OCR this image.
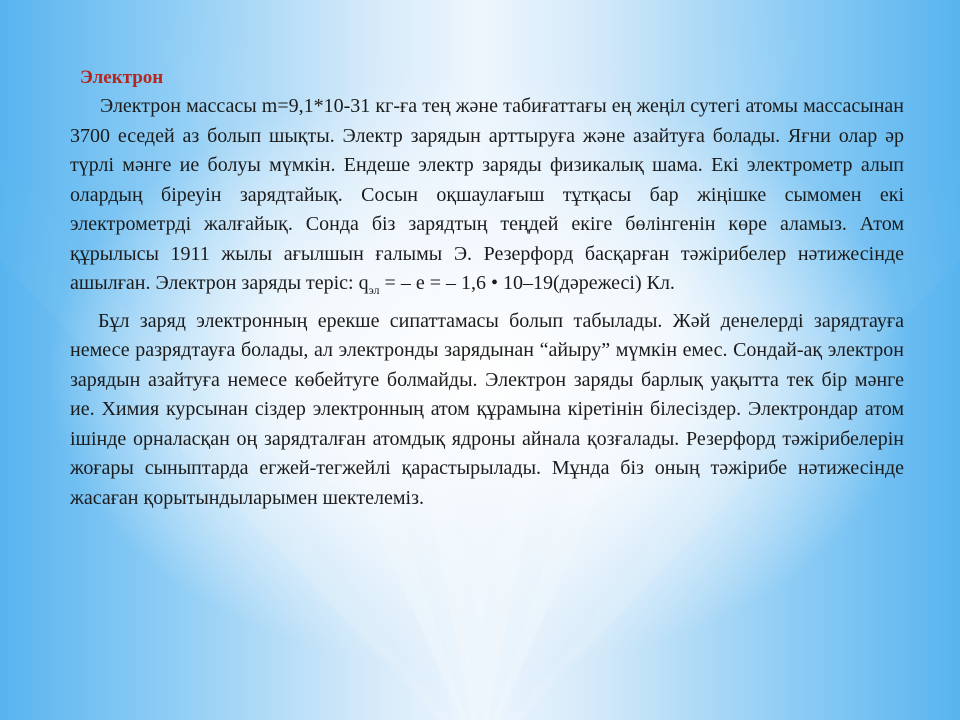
Электрон
Электрон массасы m=9,1*10-31 кг-ға тең және табиғаттағы ең жеңіл сутегі атомы массасынан 3700 еседей аз болып шықты. Электр зарядын арттыруға және азайтуға болады. Яғни олар әр түрлі мәнге ие болуы мүмкін. Ендеше электр заряды физикалық шама. Екі электрометр алып олардың біреуін зарядтайық. Сосын оқшаулағыш тұтқасы бар жіңішке сымомен екі электрометрді жалғайық. Сонда біз зарядтың теңдей екіге бөлінгенін көре аламыз. Атом құрылысы 1911 жылы ағылшын ғалымы Э. Резерфорд басқарған тәжірибелер нәтижесінде ашылған. Электрон заряды теріс: $q_{эл}$ = – e = – 1,6 • 10–19(дәрежесі) Кл.
Бұл заряд электронның ерекше сипаттамасы болып табылады. Жәй денелерді зарядтауға немесе разрядтауға болады, ал электронды зарядынан “айыру” мүмкін емес. Сондай-ақ электрон зарядын азайтуға немесе көбейтуге болмайды. Электрон заряды барлық уақытта тек бір мәнге ие. Химия курсынан сіздер электронның атом құрамына кіретінін білесіздер. Электрондар атом ішінде орналасқан оң зарядталған атомдық ядроны айнала қозғалады. Резерфорд тәжірибелерін жоғары сыныптарда егжей-тегжейлі қарастырылады. Мұнда біз оның тәжірибе нәтижесінде жасаған қорытындыларымен шектелеміз.
